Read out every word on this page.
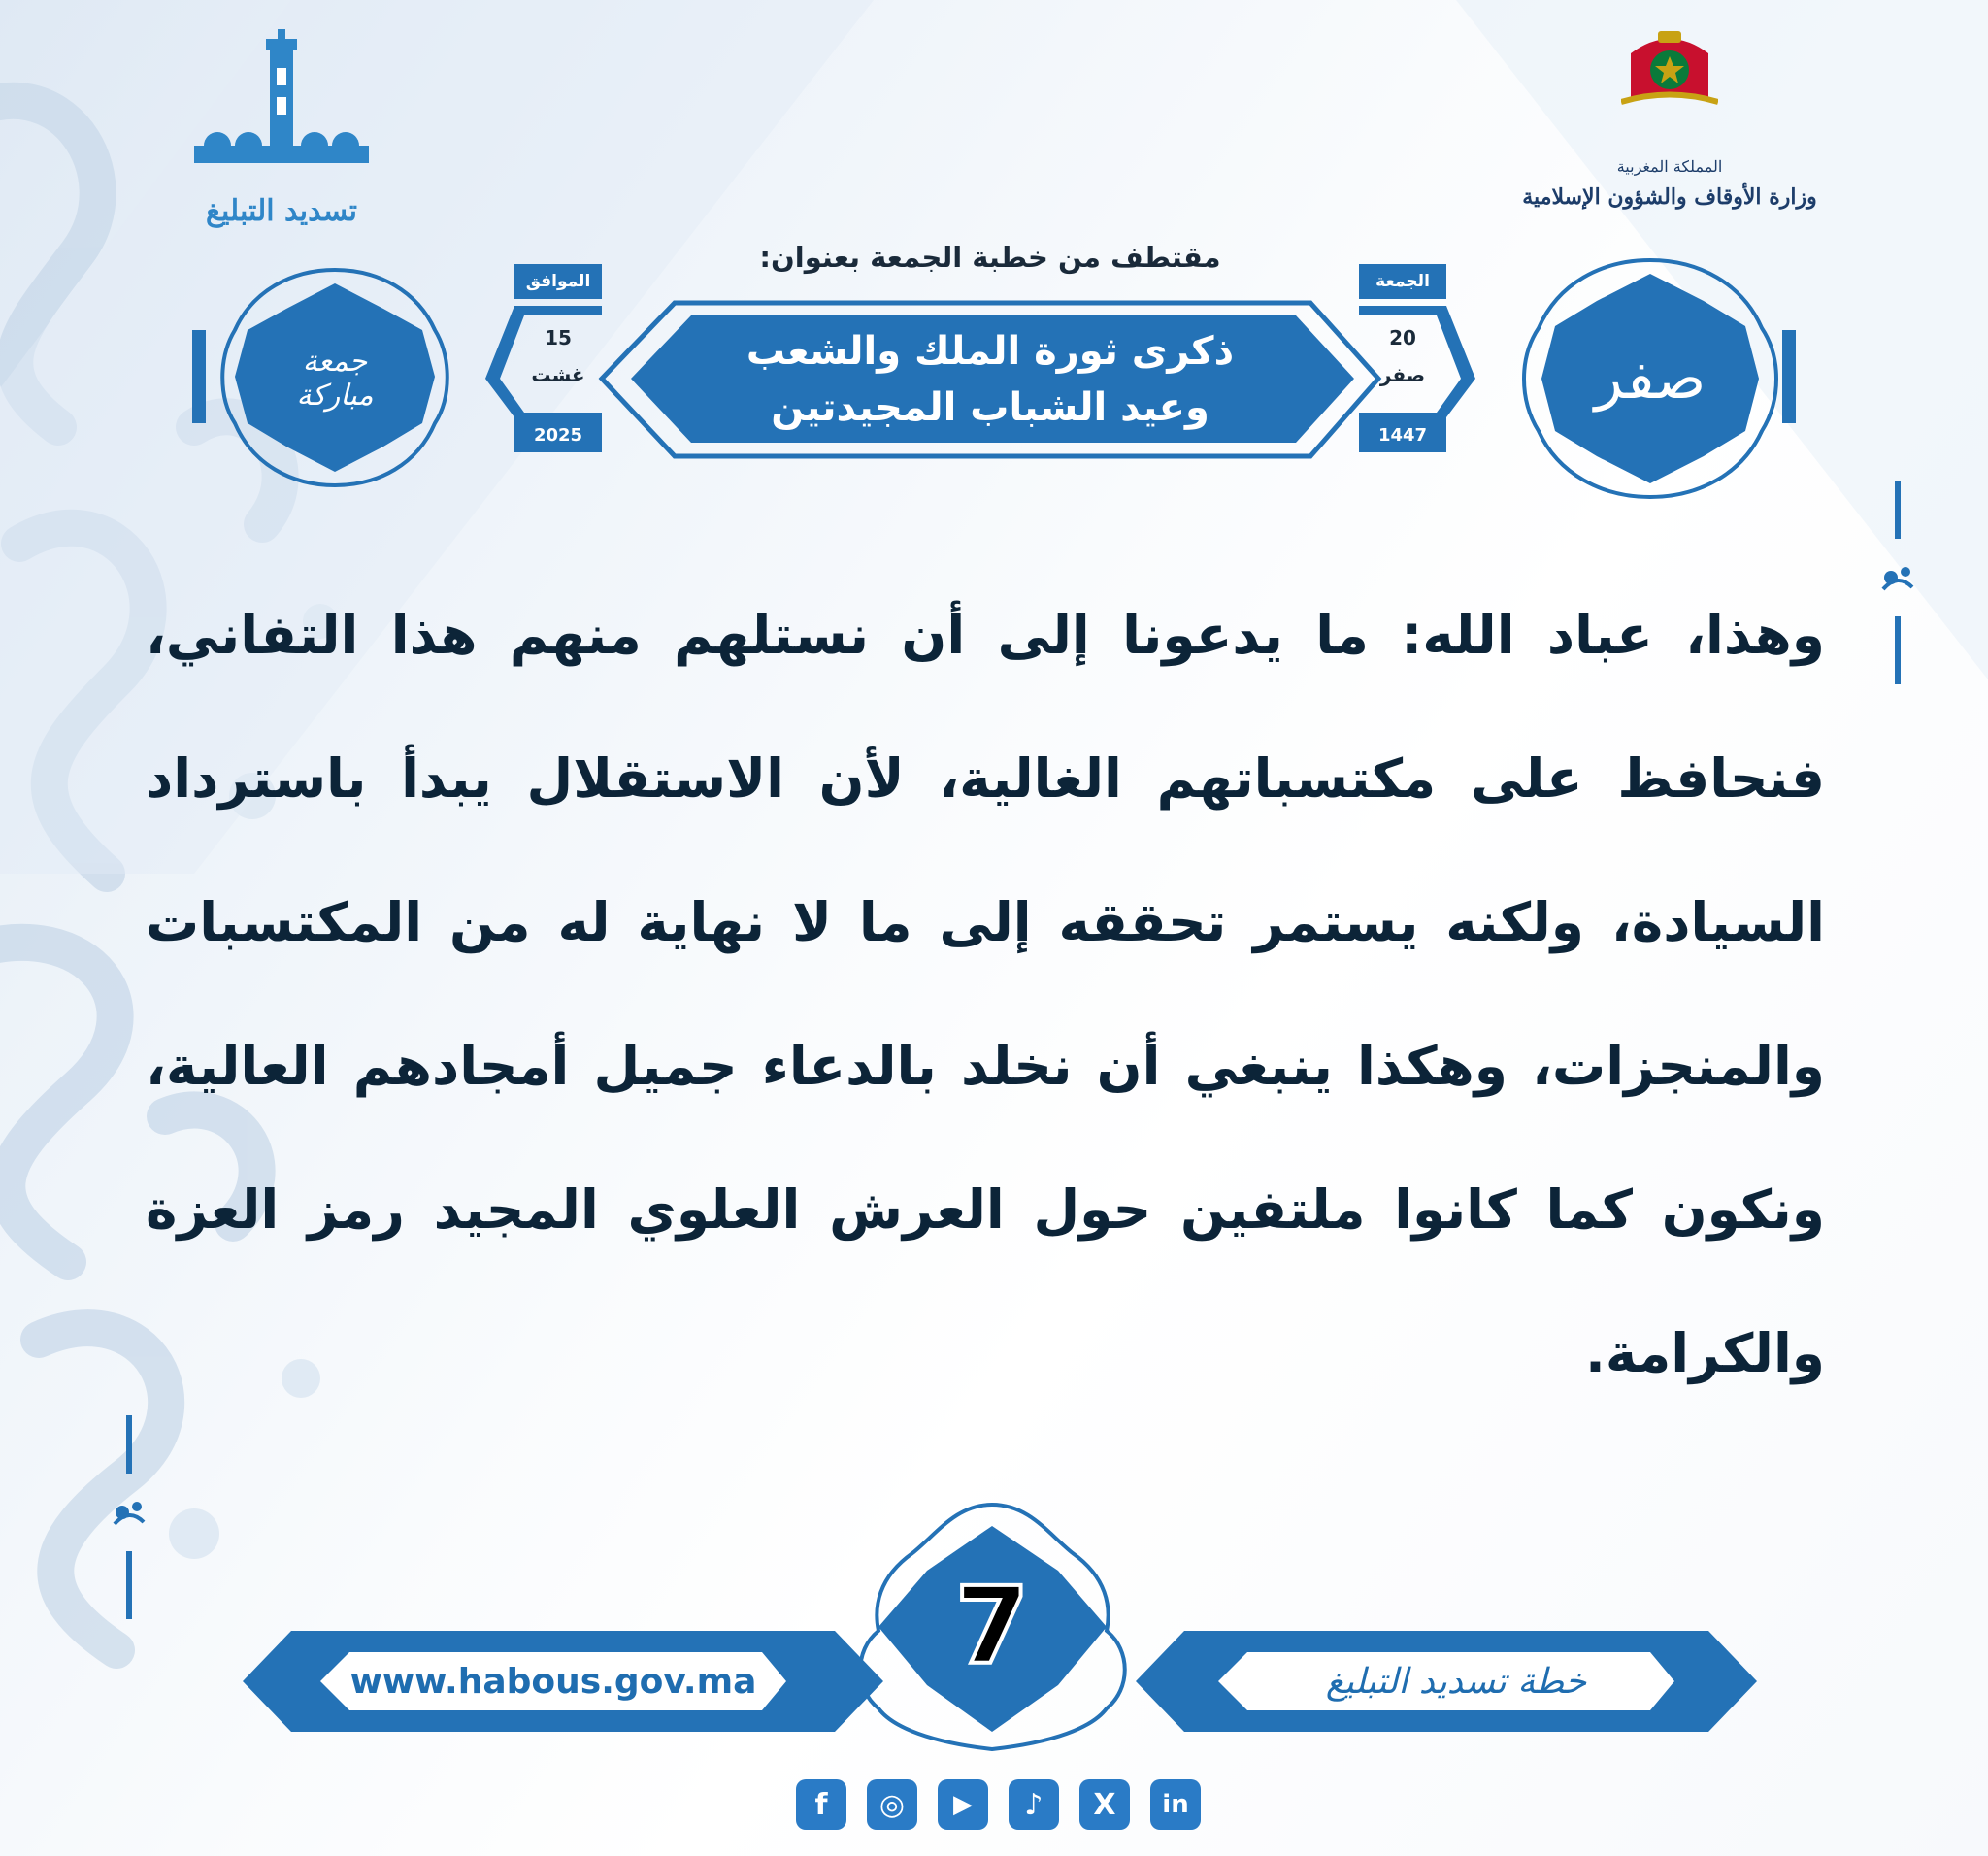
تسديد التبليغ
المملكة المغربية
وزارة الأوقاف والشؤون الإسلامية
مقتطف من خطبة الجمعة بعنوان:
ذكرى ثورة الملك والشعب
وعيد الشباب المجيدتين
الموافق
15
غشت
2025
الجمعة
20
صفر
1447
صفر
جمعة مباركة
وهذا، عباد الله: ما يدعونا إلى أن نستلهم منهم هذا التفاني، فنحافظ على مكتسباتهم الغالية، لأن الاستقلال يبدأ باسترداد السيادة، ولكنه يستمر تحققه إلى ما لا نهاية له من المكتسبات والمنجزات، وهكذا ينبغي أن نخلد بالدعاء جميل أمجادهم العالية، ونكون كما كانوا ملتفين حول العرش العلوي المجيد رمز العزة والكرامة.
www.habous.gov.ma	خطة تسديد التبليغ
7
f	◎	▶	♪	X	in
